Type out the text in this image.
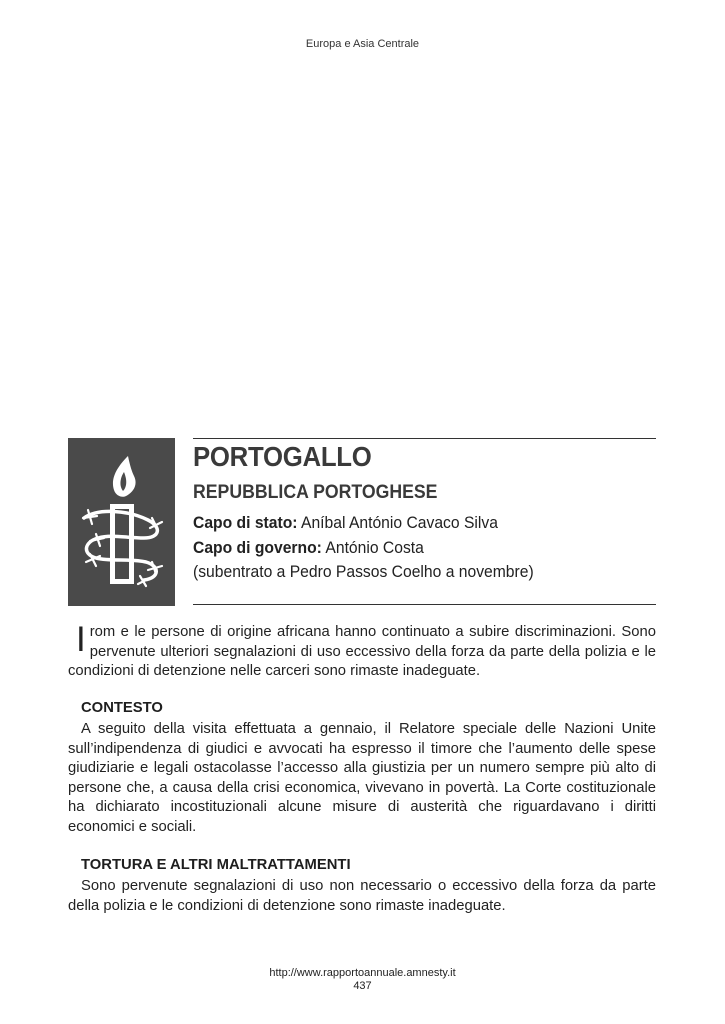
Europa e Asia Centrale
PORTOGALLO
REPUBBLICA PORTOGHESE
Capo di stato: Aníbal António Cavaco Silva
Capo di governo: António Costa
(subentrato a Pedro Passos Coelho a novembre)
Irom e le persone di origine africana hanno continuato a subire discriminazioni. Sono pervenute ulteriori segnalazioni di uso eccessivo della forza da parte della polizia e le condizioni di detenzione nelle carceri sono rimaste inadeguate.
CONTESTO
A seguito della visita effettuata a gennaio, il Relatore speciale delle Nazioni Unite sull’indipendenza di giudici e avvocati ha espresso il timore che l’aumento delle spese giudiziarie e legali ostacolasse l’accesso alla giustizia per un numero sempre più alto di persone che, a causa della crisi economica, vivevano in povertà. La Corte costituzionale ha dichiarato incostituzionali alcune misure di austerità che riguardavano i diritti economici e sociali.
TORTURA E ALTRI MALTRATTAMENTI
Sono pervenute segnalazioni di uso non necessario o eccessivo della forza da parte della polizia e le condizioni di detenzione sono rimaste inadeguate.
http://www.rapportoannuale.amnesty.it
437
